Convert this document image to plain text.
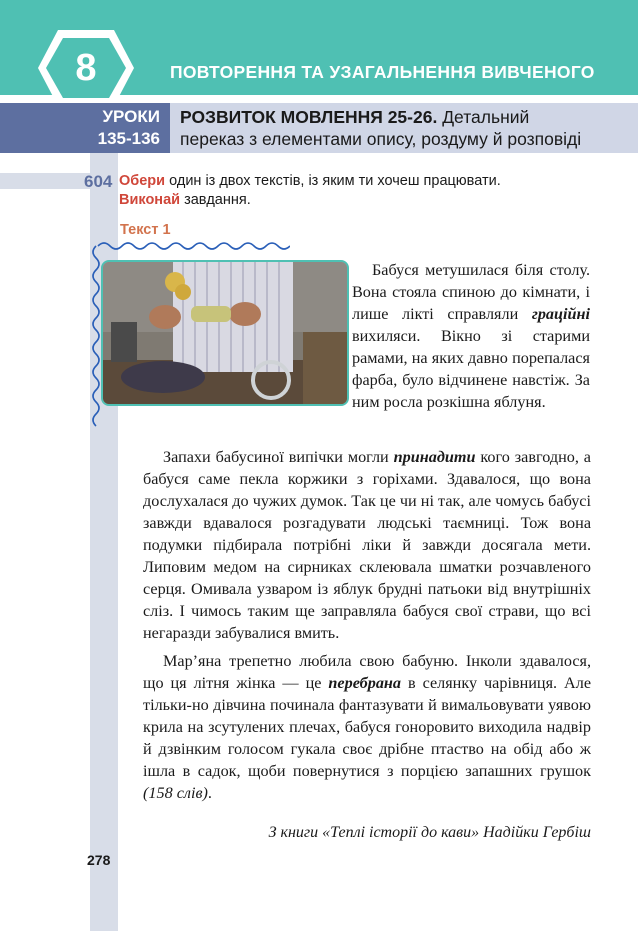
8	ПОВТОРЕННЯ ТА УЗАГАЛЬНЕННЯ ВИВЧЕНОГО
УРОКИ
135-136
РОЗВИТОК МОВЛЕННЯ 25-26. Детальний
переказ з елементами опису, роздуму й розповіді
604 Обери один із двох текстів, із яким ти хочеш працювати.
Виконай завдання.
Текст 1
Бабуся метушилася біля столу. Вона стояла спиною до кімнати, і лише лікті справляли граційні вихиляси. Вікно зі старими рамами, на яких давно порепалася фарба, було відчинене навстіж. За ним росла розкішна яблуня.

Запахи бабусиної випічки могли принадити кого завгодно, а бабуся саме пекла коржики з горіхами. Здавалося, що вона дослухалася до чужих думок. Так це чи ні так, але чомусь бабусі завжди вдавалося розгадувати людські таємниці. Тож вона подумки підбирала потрібні ліки й завжди досягала мети. Липовим медом на сирниках склеювала шматки розчавленого серця. Омивала узваром із яблук брудні патьоки від внутрішніх сліз. І чимось таким ще заправляла бабуся свої страви, що всі негаразди забувалися вмить.

Мар’яна трепетно любила свою бабуню. Інколи здавалося, що ця літня жінка — це перебрана в селянку чарівниця. Але тільки-но дівчина починала фантазувати й вимальовувати уявою крила на зсутулених плечах, бабуся гоноровито виходила надвір й дзвінким голосом гукала своє дрібне птаство на обід або ж ішла в садок, щоби повернутися з порцією запашних грушок (158 слів).

З книги «Теплі історії до кави» Надійки Гербіш
278
